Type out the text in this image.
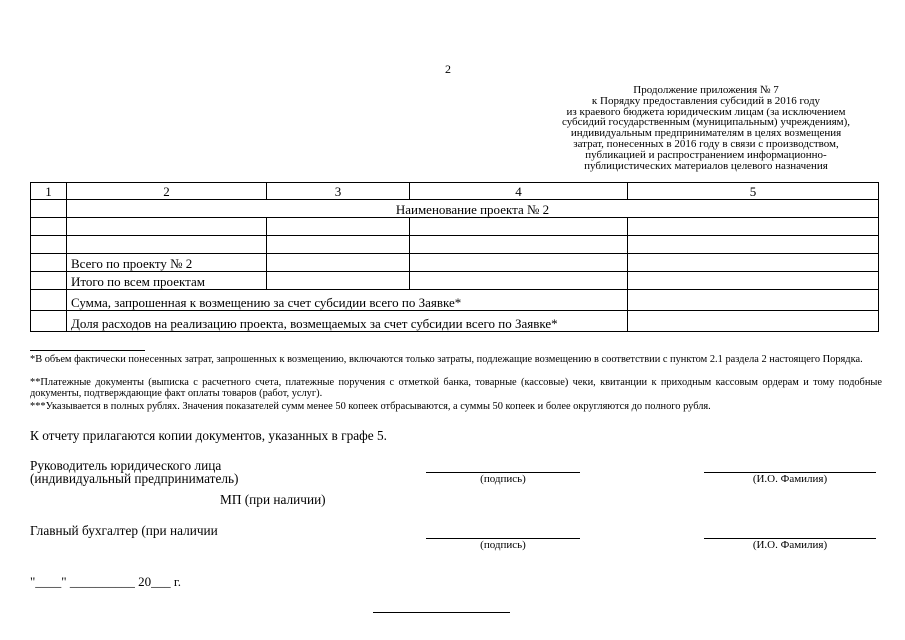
2
Продолжение приложения № 7
к Порядку предоставления субсидий в 2016 году
из краевого бюджета юридическим лицам (за исключением
субсидий государственным (муниципальным) учреждениям),
индивидуальным предпринимателям в целях возмещения
затрат, понесенных в 2016 году в связи с производством,
публикацией и распространением информационно-
публицистических материалов целевого назначения
1	2	3	4	5
	Наименование проекта № 2			

	Всего по проекту № 2			
	Итого по всем проектам			
	Сумма, запрошенная к возмещению за счет субсидии всего по Заявке*			
	Доля расходов на реализацию проекта, возмещаемых за счет субсидии всего по Заявке*			
*В объем фактически понесенных затрат, запрошенных к возмещению, включаются только затраты, подлежащие возмещению в соответствии с пунктом 2.1 раздела 2 настоящего Порядка.
**Платежные документы (выписка с расчетного счета, платежные поручения с отметкой банка, товарные (кассовые) чеки, квитанции к приходным кассовым ордерам и тому подобные документы, подтверждающие факт оплаты товаров (работ, услуг).
***Указывается в полных рублях. Значения показателей сумм менее 50 копеек отбрасываются, а суммы 50 копеек и более округляются до полного рубля.
К отчету прилагаются копии документов, указанных в графе 5.
Руководитель юридического лица
(индивидуальный предприниматель)
МП (при наличии)
(подпись)	(И.О. Фамилия)
Главный бухгалтер (при наличии
(подпись)	(И.О. Фамилия)
"____" __________ 20___ г.
